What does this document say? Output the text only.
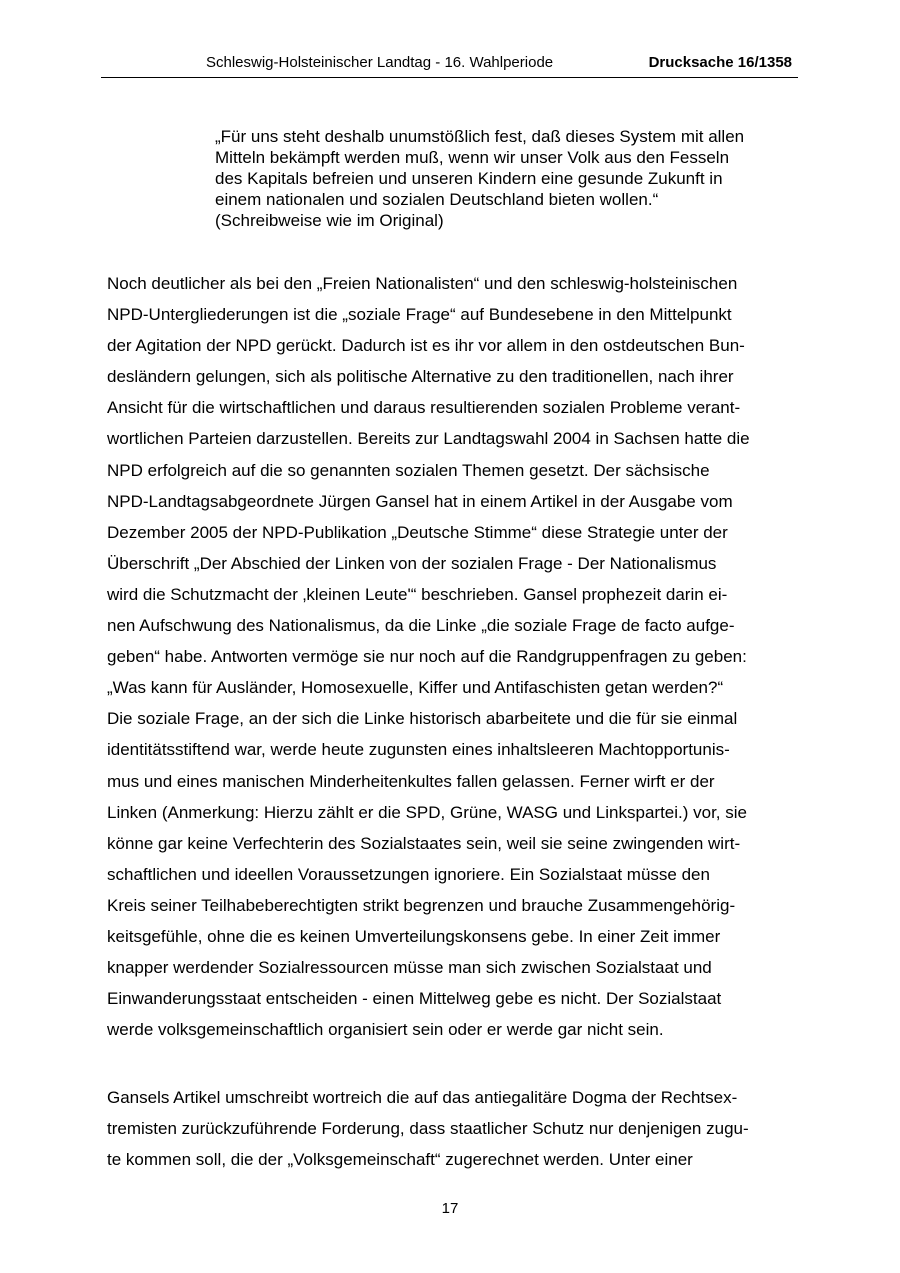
Schleswig-Holsteinischer Landtag - 16. Wahlperiode	Drucksache 16/1358
„Für uns steht deshalb unumstößlich fest, daß dieses System mit allen
Mitteln bekämpft werden muß, wenn wir unser Volk aus den Fesseln
des Kapitals befreien und unseren Kindern eine gesunde Zukunft in
einem nationalen und sozialen Deutschland bieten wollen.“
(Schreibweise wie im Original)
Noch deutlicher als bei den „Freien Nationalisten“ und den schleswig-holsteinischen
NPD-Untergliederungen ist die „soziale Frage“ auf Bundesebene in den Mittelpunkt
der Agitation der NPD gerückt. Dadurch ist es ihr vor allem in den ostdeutschen Bun-
desländern gelungen, sich als politische Alternative zu den traditionellen, nach ihrer
Ansicht für die wirtschaftlichen und daraus resultierenden sozialen Probleme verant-
wortlichen Parteien darzustellen. Bereits zur Landtagswahl 2004 in Sachsen hatte die
NPD erfolgreich auf die so genannten sozialen Themen gesetzt. Der sächsische
NPD-Landtagsabgeordnete Jürgen Gansel hat in einem Artikel in der Ausgabe vom
Dezember 2005 der NPD-Publikation „Deutsche Stimme“ diese Strategie unter der
Überschrift „Der Abschied der Linken von der sozialen Frage - Der Nationalismus
wird die Schutzmacht der ‚kleinen Leute'“ beschrieben. Gansel prophezeit darin ei-
nen Aufschwung des Nationalismus, da die Linke „die soziale Frage de facto aufge-
geben“ habe. Antworten vermöge sie nur noch auf die Randgruppenfragen zu geben:
„Was kann für Ausländer, Homosexuelle, Kiffer und Antifaschisten getan werden?“
Die soziale Frage, an der sich die Linke historisch abarbeitete und die für sie einmal
identitätsstiftend war, werde heute zugunsten eines inhaltsleeren Machtopportunis-
mus und eines manischen Minderheitenkultes fallen gelassen. Ferner wirft er der
Linken (Anmerkung: Hierzu zählt er die SPD, Grüne, WASG und Linkspartei.) vor, sie
könne gar keine Verfechterin des Sozialstaates sein, weil sie seine zwingenden wirt-
schaftlichen und ideellen Voraussetzungen ignoriere. Ein Sozialstaat müsse den
Kreis seiner Teilhabeberechtigten strikt begrenzen und brauche Zusammengehörig-
keitsgefühle, ohne die es keinen Umverteilungskonsens gebe. In einer Zeit immer
knapper werdender Sozialressourcen müsse man sich zwischen Sozialstaat und
Einwanderungsstaat entscheiden - einen Mittelweg gebe es nicht. Der Sozialstaat
werde volksgemeinschaftlich organisiert sein oder er werde gar nicht sein.
Gansels Artikel umschreibt wortreich die auf das antiegalitäre Dogma der Rechtsex-
tremisten zurückzuführende Forderung, dass staatlicher Schutz nur denjenigen zugu-
te kommen soll, die der „Volksgemeinschaft“ zugerechnet werden. Unter einer
17
